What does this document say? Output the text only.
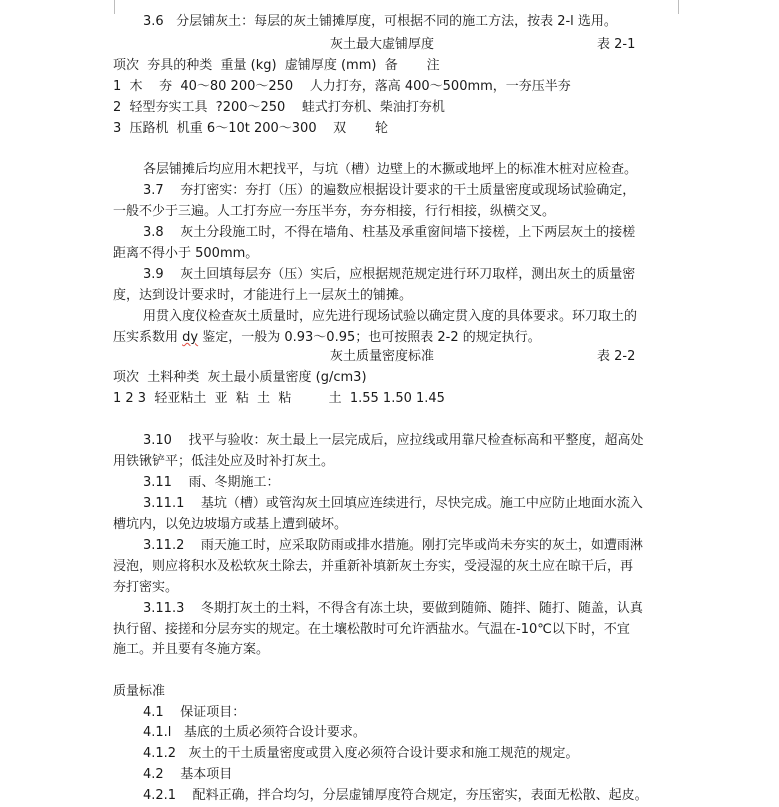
3.6   分层铺灰土：每层的灰土铺摊厚度，可根据不同的施工方法，按表 2-l 选用。
灰土最大虚铺厚度	表 2-1
项次  夯具的种类  重量 (kg)  虚铺厚度 (mm)  备       注
1  木    夯  40～80 200～250    人力打夯，落高 400～500mm，一夯压半夯
2  轻型夯实工具  ?200～250    蛙式打夯机、柴油打夯机
3  压路机  机重 6～10t 200～300    双       轮
各层铺摊后均应用木耙找平，与坑（槽）边壁上的木撅或地坪上的标准木桩对应检查。
3.7    夯打密实：夯打（压）的遍数应根据设计要求的干土质量密度或现场试验确定，
一般不少于三遍。人工打夯应一夯压半夯，夯夯相接，行行相接，纵横交叉。
3.8    灰土分段施工时，不得在墙角、柱基及承重窗间墙下接槎，上下两层灰土的接槎
距离不得小于 500mm。
3.9    灰土回填每层夯（压）实后，应根据规范规定进行环刀取样，测出灰土的质量密
度，达到设计要求时，才能进行上一层灰土的铺摊。
用贯入度仪检查灰土质量时，应先进行现场试验以确定贯入度的具体要求。环刀取土的
压实系数用 dy 鉴定，一般为 0.93～0.95；也可按照表 2-2 的规定执行。
灰土质量密度标准	表 2-2
项次  土料种类  灰土最小质量密度 (g/cm3)
1 2 3  轻亚粘土  亚  粘  土  粘         土  1.55 1.50 1.45
3.10    找平与验收：灰土最上一层完成后，应拉线或用靠尺检查标高和平整度，超高处
用铁锹铲平；低洼处应及时补打灰土。
3.11    雨、冬期施工：
3.11.1    基坑（槽）或管沟灰土回填应连续进行，尽快完成。施工中应防止地面水流入
槽坑内，以免边坡塌方或基上遭到破坏。
3.11.2    雨天施工时，应采取防雨或排水措施。刚打完毕或尚未夯实的灰土，如遭雨淋
浸泡，则应将积水及松软灰土除去，并重新补填新灰土夯实，受浸湿的灰土应在晾干后，再
夯打密实。
3.11.3    冬期打灰土的土料，不得含有冻土块，要做到随筛、随拌、随打、随盖，认真
执行留、接搓和分层夯实的规定。在土壤松散时可允许洒盐水。气温在-10℃以下时，不宜
施工。并且要有冬施方案。
质量标准
4.1    保证项目：
4.1.l   基底的土质必须符合设计要求。
4.1.2   灰土的干土质量密度或贯入度必须符合设计要求和施工规范的规定。
4.2    基本项目
4.2.1    配料正确，拌合均匀，分层虚铺厚度符合规定，夯压密实，表面无松散、起皮。
